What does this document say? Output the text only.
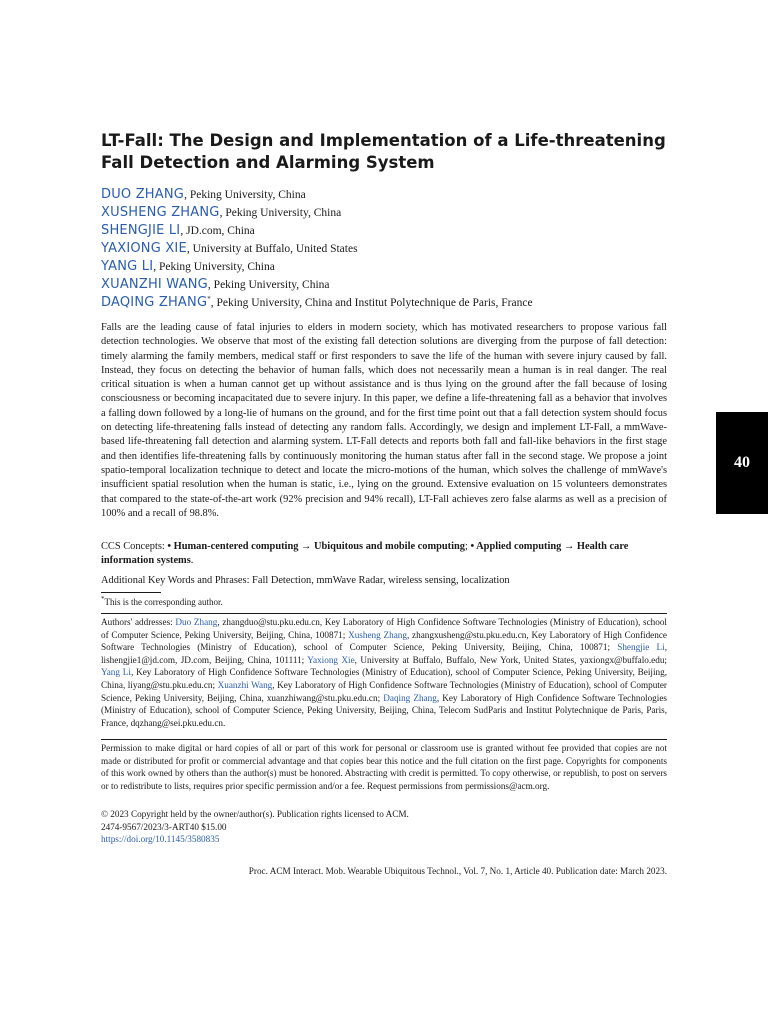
LT-Fall: The Design and Implementation of a Life-threatening Fall Detection and Alarming System
DUO ZHANG, Peking University, China
XUSHENG ZHANG, Peking University, China
SHENGJIE LI, JD.com, China
YAXIONG XIE, University at Buffalo, United States
YANG LI, Peking University, China
XUANZHI WANG, Peking University, China
DAQING ZHANG*, Peking University, China and Institut Polytechnique de Paris, France

Falls are the leading cause of fatal injuries to elders in modern society, which has motivated researchers to propose various fall detection technologies. We observe that most of the existing fall detection solutions are diverging from the purpose of fall detection: timely alarming the family members, medical staff or first responders to save the life of the human with severe injury caused by fall. Instead, they focus on detecting the behavior of human falls, which does not necessarily mean a human is in real danger. The real critical situation is when a human cannot get up without assistance and is thus lying on the ground after the fall because of losing consciousness or becoming incapacitated due to severe injury. In this paper, we define a life-threatening fall as a behavior that involves a falling down followed by a long-lie of humans on the ground, and for the first time point out that a fall detection system should focus on detecting life-threatening falls instead of detecting any random falls. Accordingly, we design and implement LT-Fall, a mmWave-based life-threatening fall detection and alarming system. LT-Fall detects and reports both fall and fall-like behaviors in the first stage and then identifies life-threatening falls by continuously monitoring the human status after fall in the second stage. We propose a joint spatio-temporal localization technique to detect and locate the micro-motions of the human, which solves the challenge of mmWave's insufficient spatial resolution when the human is static, i.e., lying on the ground. Extensive evaluation on 15 volunteers demonstrates that compared to the state-of-the-art work (92% precision and 94% recall), LT-Fall achieves zero false alarms as well as a precision of 100% and a recall of 98.8%.

CCS Concepts: • Human-centered computing → Ubiquitous and mobile computing; • Applied computing → Health care information systems.
Additional Key Words and Phrases: Fall Detection, mmWave Radar, wireless sensing, localization
*This is the corresponding author.

Authors' addresses: Duo Zhang, zhangduo@stu.pku.edu.cn, Key Laboratory of High Confidence Software Technologies (Ministry of Education), school of Computer Science, Peking University, Beijing, China, 100871; Xusheng Zhang, zhangxusheng@stu.pku.edu.cn, Key Laboratory of High Confidence Software Technologies (Ministry of Education), school of Computer Science, Peking University, Beijing, China, 100871; Shengjie Li, lishengjie1@jd.com, JD.com, Beijing, China, 101111; Yaxiong Xie, University at Buffalo, Buffalo, New York, United States, yaxiongx@buffalo.edu; Yang Li, Key Laboratory of High Confidence Software Technologies (Ministry of Education), school of Computer Science, Peking University, Beijing, China, liyang@stu.pku.edu.cn; Xuanzhi Wang, Key Laboratory of High Confidence Software Technologies (Ministry of Education), school of Computer Science, Peking University, Beijing, China, xuanzhiwang@stu.pku.edu.cn; Daqing Zhang, Key Laboratory of High Confidence Software Technologies (Ministry of Education), school of Computer Science, Peking University, Beijing, China, Telecom SudParis and Institut Polytechnique de Paris, Paris, France, dqzhang@sei.pku.edu.cn.

Permission to make digital or hard copies of all or part of this work for personal or classroom use is granted without fee provided that copies are not made or distributed for profit or commercial advantage and that copies bear this notice and the full citation on the first page. Copyrights for components of this work owned by others than the author(s) must be honored. Abstracting with credit is permitted. To copy otherwise, or republish, to post on servers or to redistribute to lists, requires prior specific permission and/or a fee. Request permissions from permissions@acm.org.

© 2023 Copyright held by the owner/author(s). Publication rights licensed to ACM.
2474-9567/2023/3-ART40 $15.00
https://doi.org/10.1145/3580835
Proc. ACM Interact. Mob. Wearable Ubiquitous Technol., Vol. 7, No. 1, Article 40. Publication date: March 2023.
40
